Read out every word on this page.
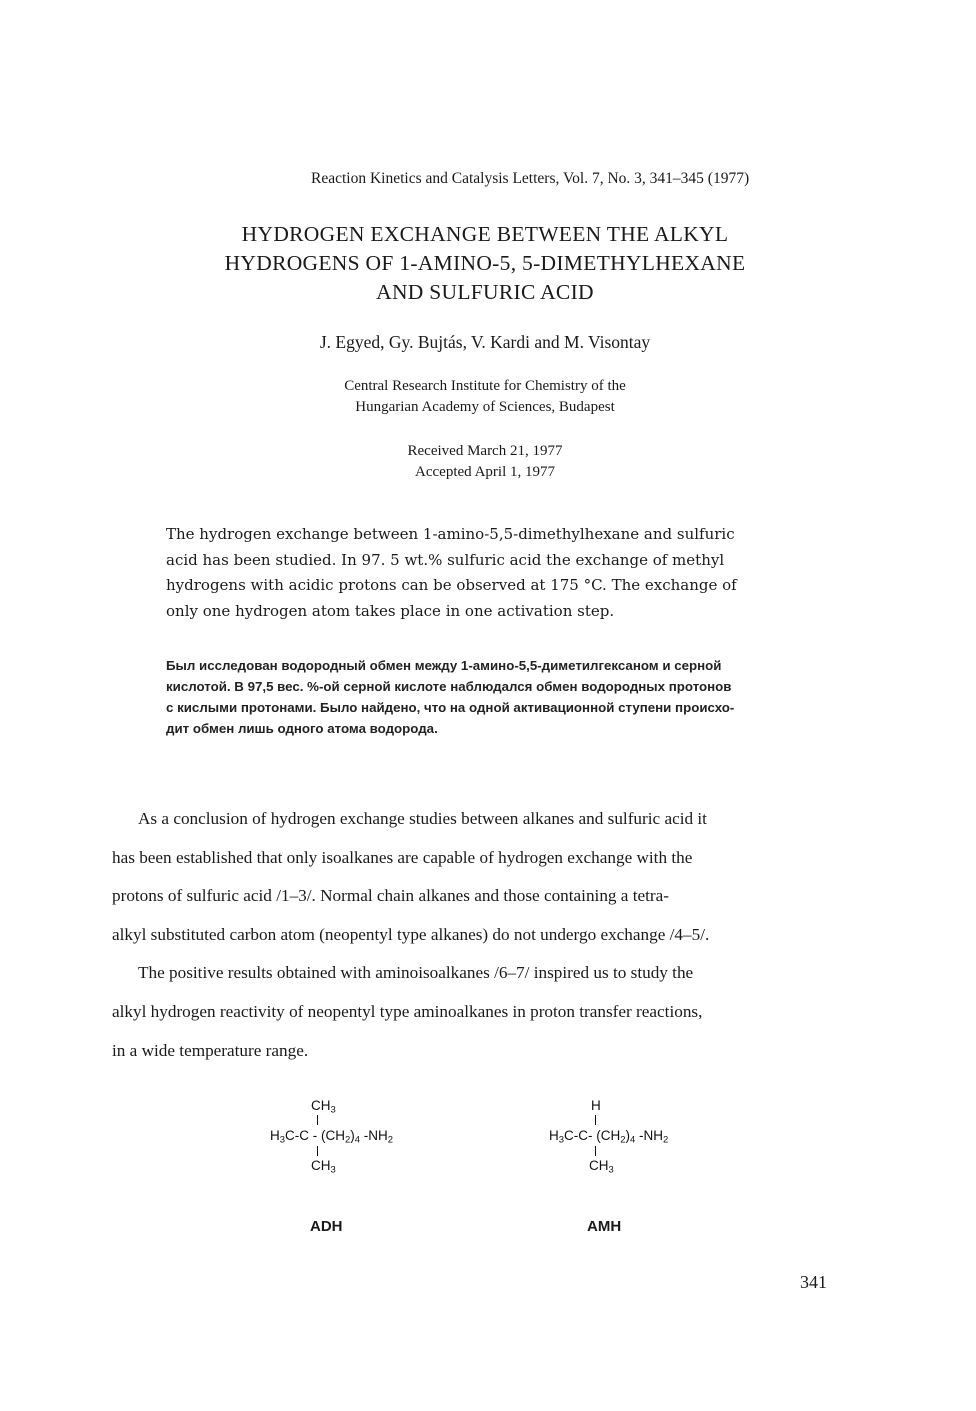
Reaction Kinetics and Catalysis Letters, Vol. 7, No. 3, 341–345 (1977)
HYDROGEN EXCHANGE BETWEEN THE ALKYL
HYDROGENS OF 1-AMINO-5, 5-DIMETHYLHEXANE
AND SULFURIC ACID
J. Egyed, Gy. Bujtás, V. Kardi and M. Visontay
Central Research Institute for Chemistry of the
Hungarian Academy of Sciences, Budapest
Received March 21, 1977
Accepted April 1, 1977
The hydrogen exchange between 1-amino-5,5-dimethylhexane and sulfuric
acid has been studied. In 97. 5 wt.% sulfuric acid the exchange of methyl
hydrogens with acidic protons can be observed at 175 °C. The exchange of
only one hydrogen atom takes place in one activation step.
Был исследован водородный обмен между 1-амино-5,5-диметилгексаном и серной
кислотой. В 97,5 вес. %-ой серной кислоте наблюдался обмен водородных протонов
с кислыми протонами. Было найдено, что на одной активационной ступени происхо-
дит обмен лишь одного атома водорода.
As a conclusion of hydrogen exchange studies between alkanes and sulfuric acid it
has been established that only isoalkanes are capable of hydrogen exchange with the
protons of sulfuric acid /1–3/. Normal chain alkanes and those containing a tetra-
alkyl substituted carbon atom (neopentyl type alkanes) do not undergo exchange /4–5/.
The positive results obtained with aminoisoalkanes /6–7/ inspired us to study the
alkyl hydrogen reactivity of neopentyl type aminoalkanes in proton transfer reactions,
in a wide temperature range.
$CH_3$
$H_3C-C - (CH_2)_4$ $-NH_2$
$CH_3$
ADH
H
$H_3C-C-$ $(CH_2)_4$ $-NH_2$
$CH_3$
AMH
341
